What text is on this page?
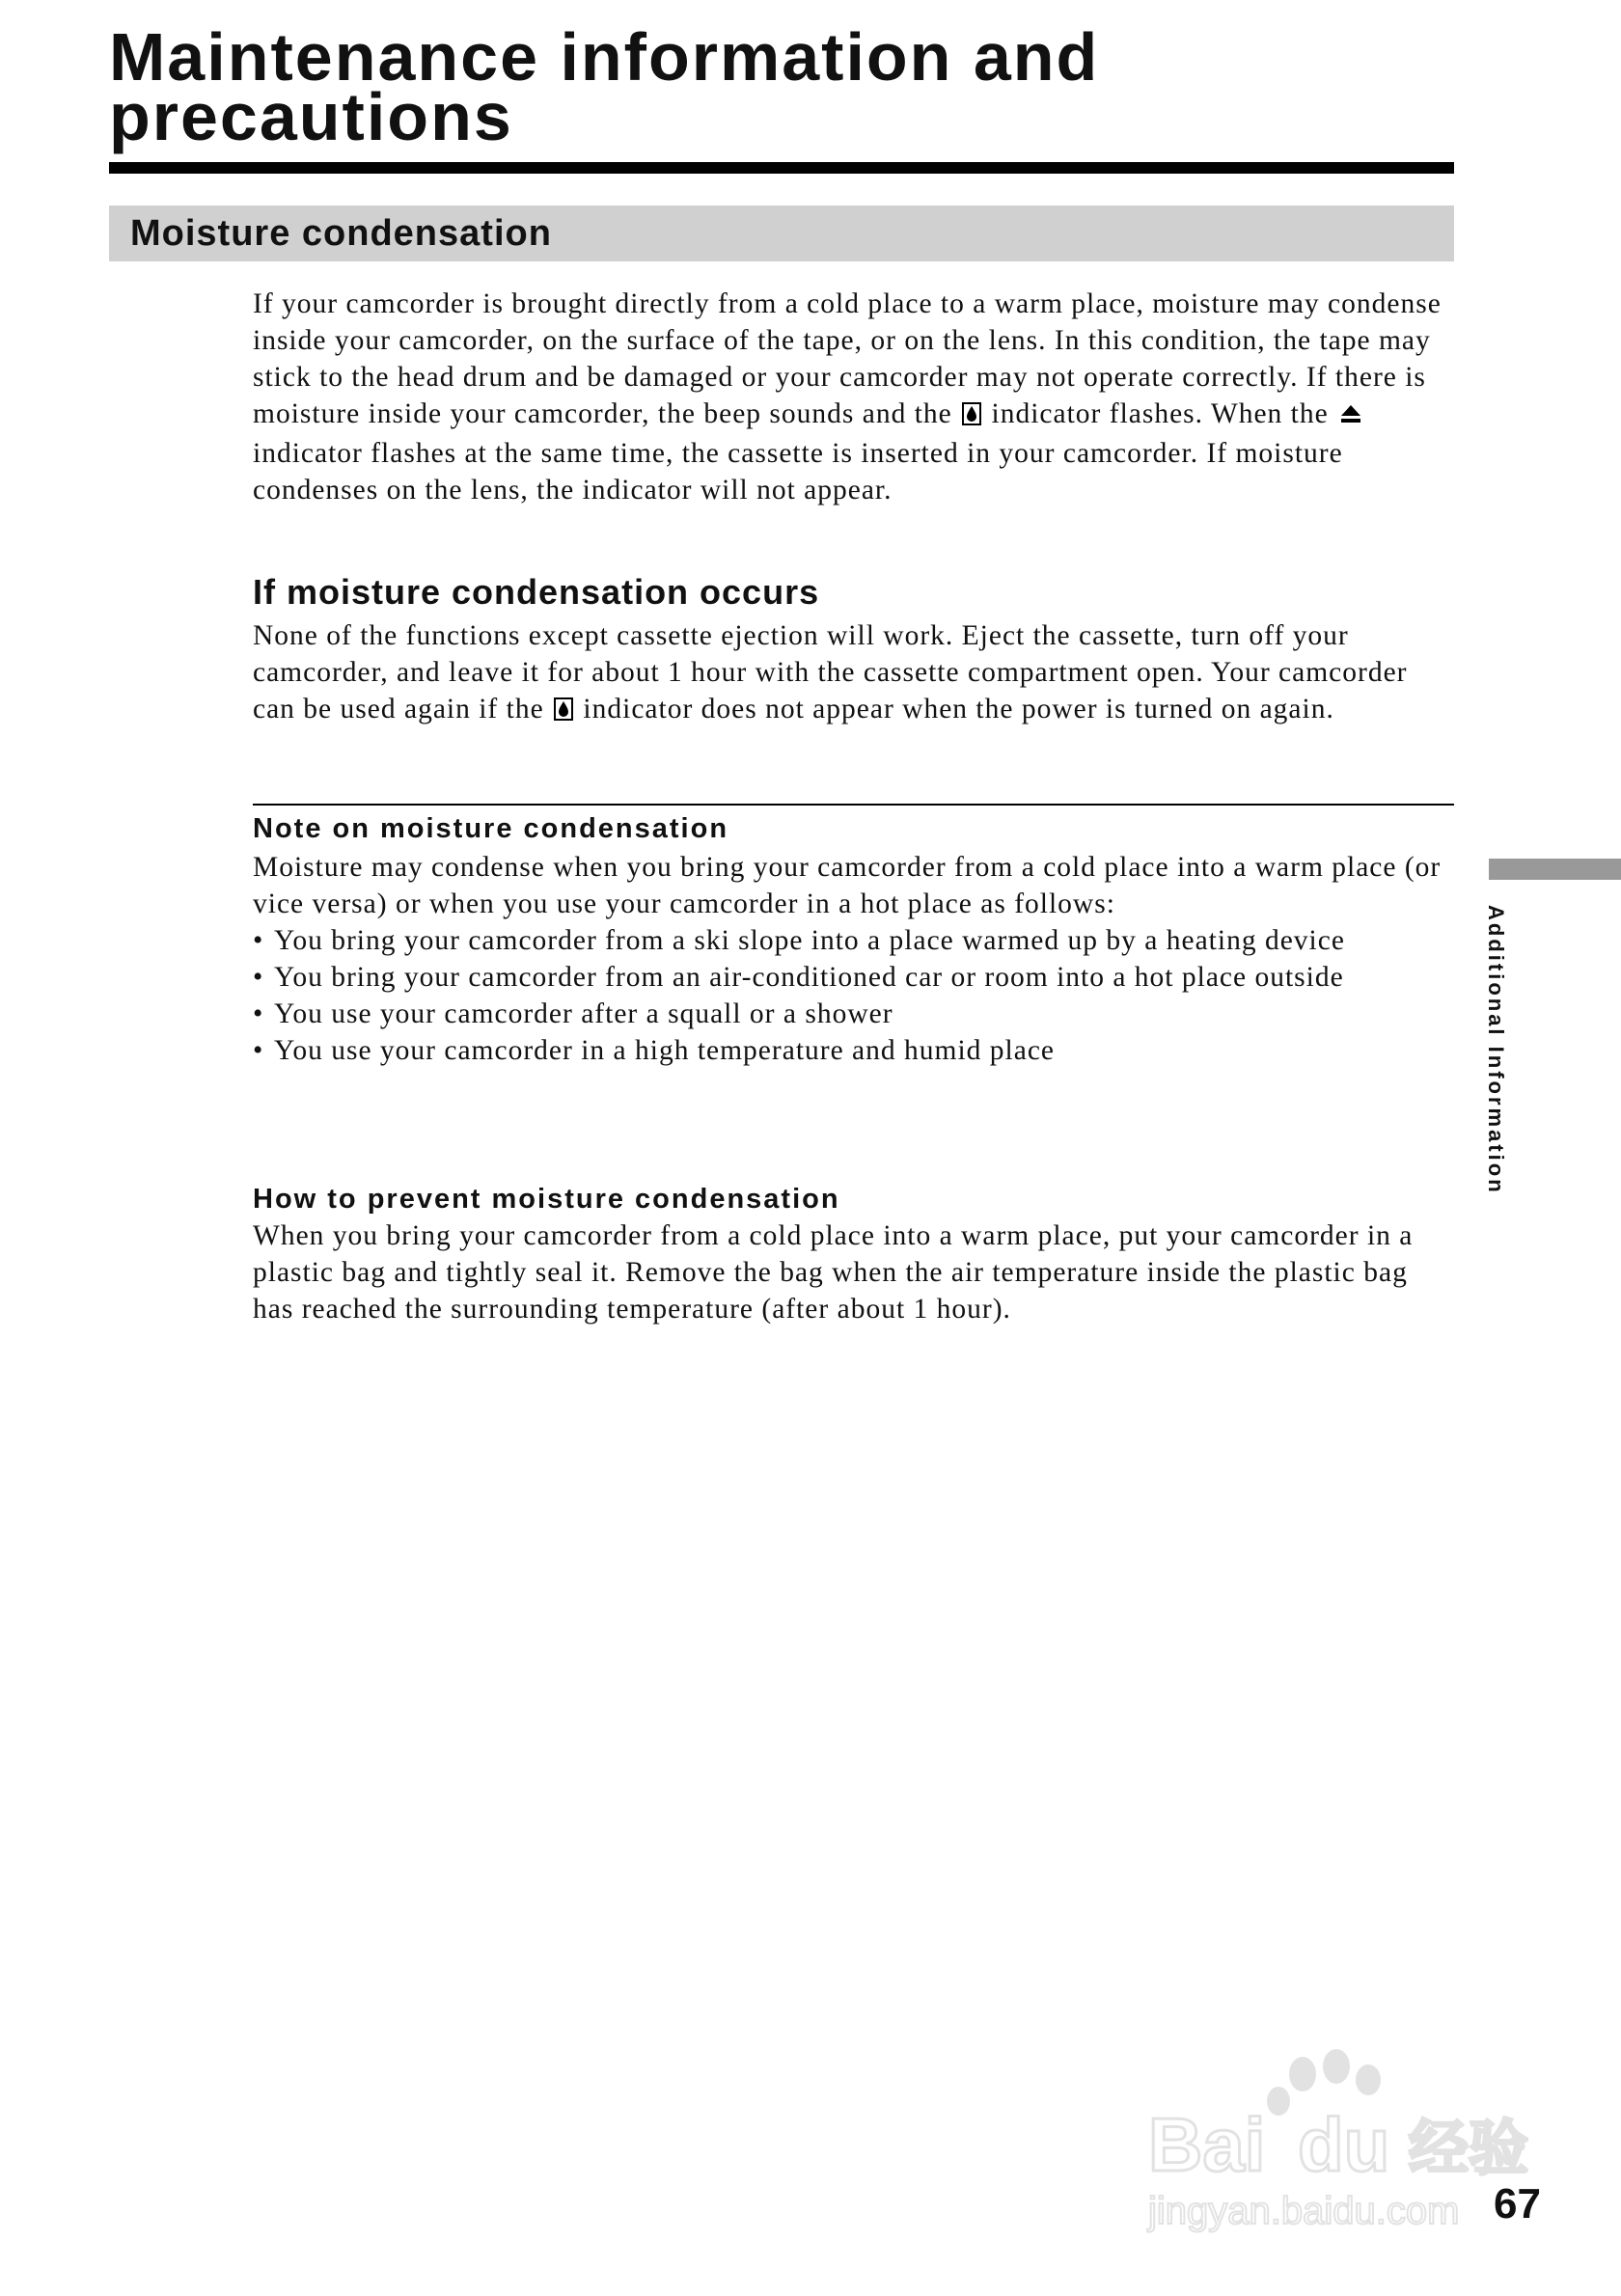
Maintenance information and precautions
Moisture condensation

If your camcorder is brought directly from a cold place to a warm place, moisture may condense inside your camcorder, on the surface of the tape, or on the lens. In this condition, the tape may stick to the head drum and be damaged or your camcorder may not operate correctly. If there is moisture inside your camcorder, the beep sounds and the indicator flashes. When the  indicator flashes at the same time, the cassette is inserted in your camcorder. If moisture condenses on the lens, the indicator will not appear.

If moisture condensation occurs

None of the functions except cassette ejection will work. Eject the cassette, turn off your camcorder, and leave it for about 1 hour with the cassette compartment open. Your camcorder can be used again if the indicator does not appear when the power is turned on again.

Note on moisture condensation

Moisture may condense when you bring your camcorder from a cold place into a warm place (or vice versa) or when you use your camcorder in a hot place as follows:

• You bring your camcorder from a ski slope into a place warmed up by a heating device
• You bring your camcorder from an air-conditioned car or room into a hot place outside
• You use your camcorder after a squall or a shower
• You use your camcorder in a high temperature and humid place
How to prevent moisture condensation

When you bring your camcorder from a cold place into a warm place, put your camcorder in a plastic bag and tightly seal it. Remove the bag when the air temperature inside the plastic bag has reached the surrounding temperature (after about 1 hour).

Additional Information
Bai du 经验
jingyan.baidu.com 67
